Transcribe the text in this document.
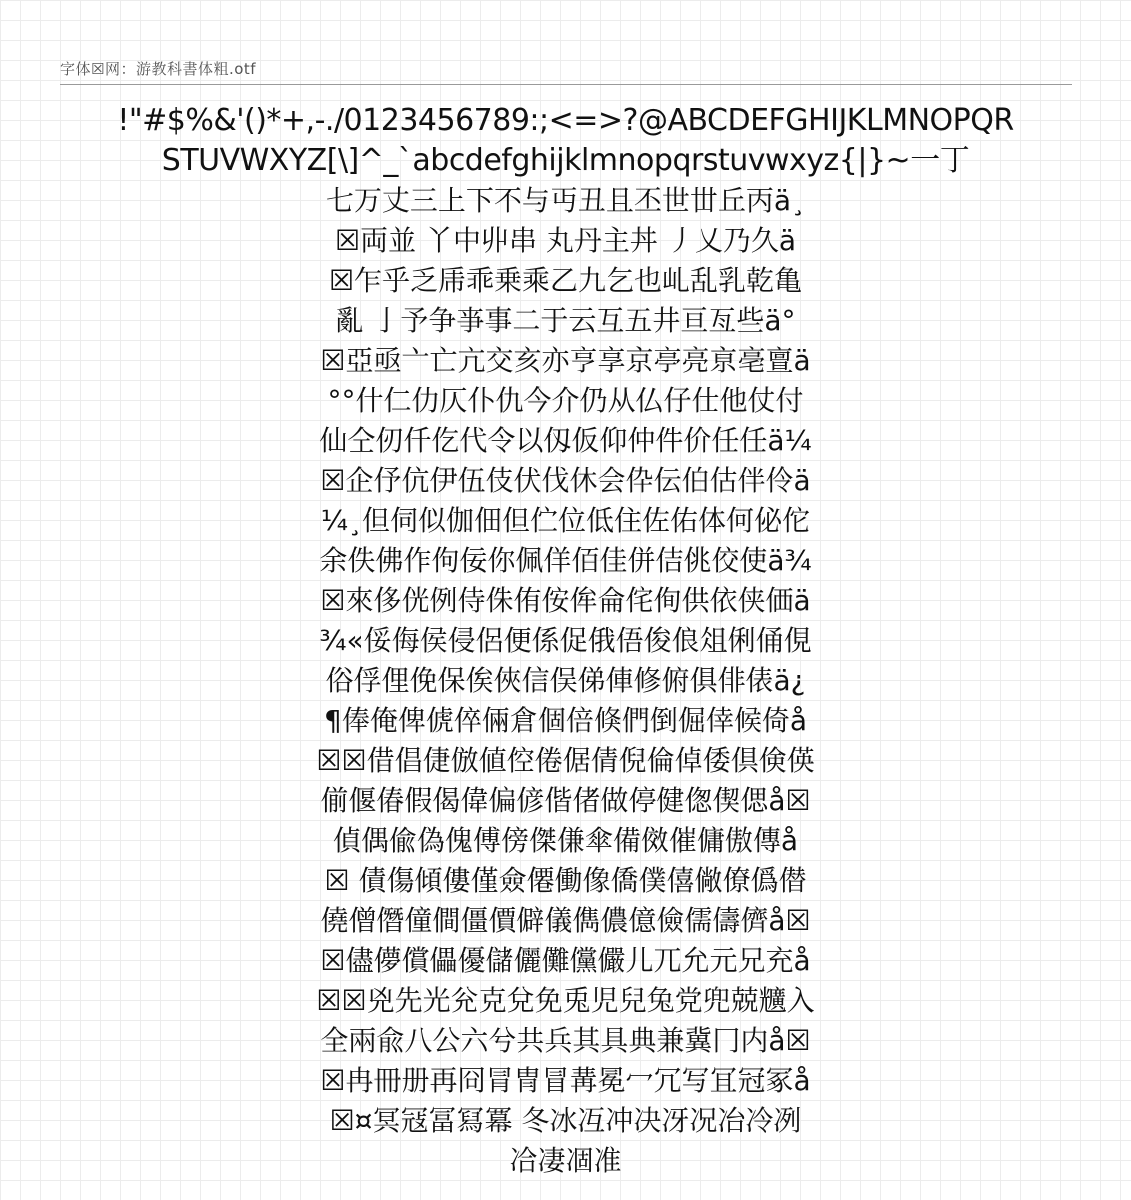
字体☒网：游教科書体粗.otf
!"#$%&'()*+,-./0123456789:;<=>?@ABCDEFGHIJKLMNOPQR
STUVWXYZ[\]^_`abcdefghijklmnopqrstuvwxyz{|}~一丁
七万丈三上下不与丏丑且丕世丗丘丙ä¸
☒両並 丫中丱串 丸丹主丼 丿乂乃久ä
☒乍乎乏乕乖乗乘乙九乞也乢乱乳乾亀
亂 亅予争亊事二于云互五井亘亙些ä°
☒亞亟亠亡亢交亥亦亨享京亭亮亰亳亶ä
°°什仁仂仄仆仇今介仍从仏仔仕他仗付
仙仝仞仟仡代令以仭仮仰仲件价任任ä¼
☒企伃伉伊伍伎伏伐休会伜伝伯估伴伶ä
¼¸但伺似伽佃但伫位低住佐佑体何佖佗
余佚佛作佝佞你佩佯佰佳併佶佻佼使ä¾
☒來侈侊例侍侏侑侒侔侖侘侚供依侠価ä
¾«俀侮侯侵侶便係促俄俉俊俍俎俐俑俔
俗俘俚俛保俟俠信俣俤俥修俯俱俳俵ä¿
¶俸俺俾俿倅倆倉個倍倏們倒倔倖候倚å
☒☒借倡倢倣値倥倦倨倩倪倫倬倭倶倹偀
偂偃偆假偈偉偏偐偕偖做停健偬偰偲å☒
偵偶偸偽傀傅傍傑傔傘備傚催傭傲傳å
☒ 債傷傾僂僅僉僊働像僑僕僖僘僚僞僣
僥僧僭僮僴僵價僻儀儁儂億儉儒儔儕å☒
☒儘儚償儡優儲儷儺儻儼儿兀允元兄充å
☒☒兇先光兊克兌免兎児兒兔党兜兢兤入
全兩兪八公六兮共兵其具典兼冀冂内å☒
☒冉冊册再冏冐冑冒冓冕冖冗写冝冠冢å
☒¤冥冦冨冩冪 冬冰冱冲决冴况冶冷冽
冾凄凅准
